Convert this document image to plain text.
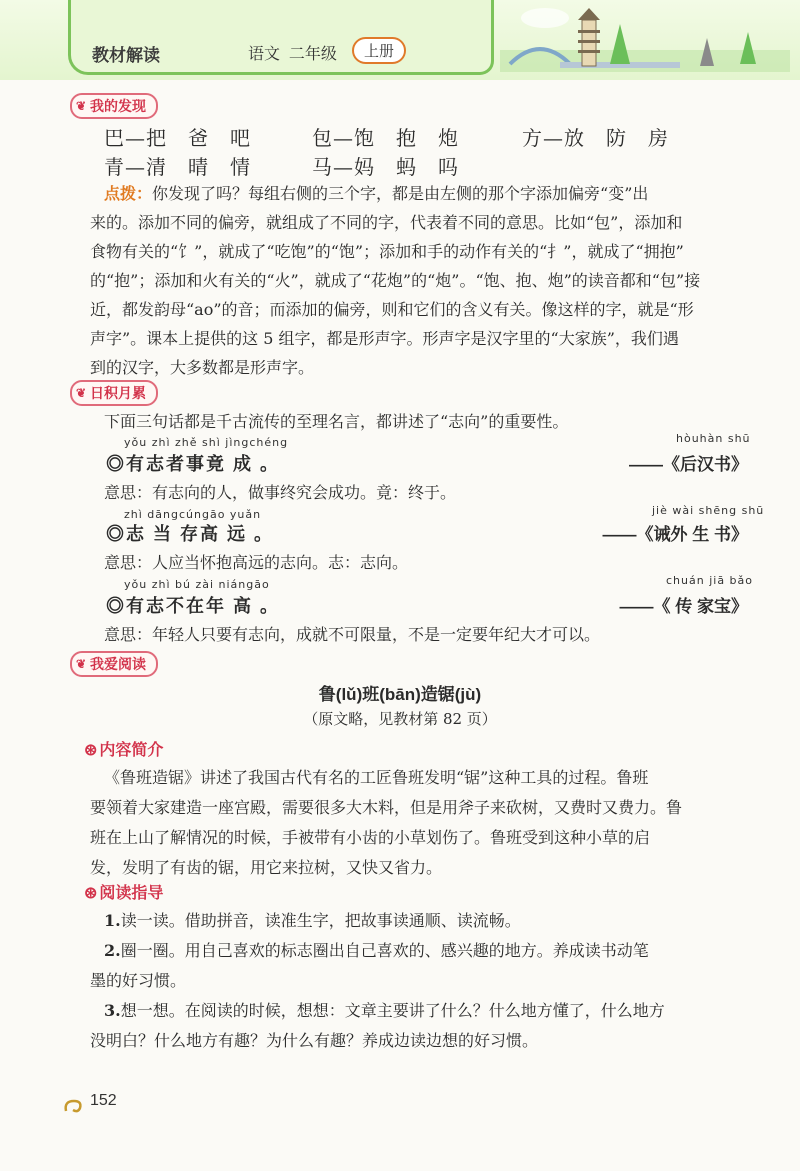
教材解读	语文 二年级	上册
❦ 我的发现
巴—把　爸　吧	包—饱　抱　炮	方—放　防　房
青—清　晴　情	马—妈　蚂　吗
点拨：你发现了吗？每组右侧的三个字，都是由左侧的那个字添加偏旁“变”出
来的。添加不同的偏旁，就组成了不同的字，代表着不同的意思。比如“包”，添加和
食物有关的“饣”，就成了“吃饱”的“饱”；添加和手的动作有关的“扌”，就成了“拥抱”
的“抱”；添加和火有关的“火”，就成了“花炮”的“炮”。“饱、抱、炮”的读音都和“包”接
近，都发韵母“ao”的音；而添加的偏旁，则和它们的含义有关。像这样的字，就是“形
声字”。课本上提供的这 5 组字，都是形声字。形声字是汉字里的“大家族”，我们遇
到的汉字，大多数都是形声字。
❦ 日积月累
下面三句话都是千古流传的至理名言，都讲述了“志向”的重要性。
yǒu zhì zhě shì jìngchéng	hòuhàn shū
◎有志者事竟 成 。	——《后汉书》
意思：有志向的人，做事终究会成功。竟：终于。
zhì dāngcúngāo yuǎn	jiè wài shēng shū
◎志 当 存高 远 。	——《诫外 生 书》
意思：人应当怀抱高远的志向。志：志向。
yǒu zhì bú zài niángāo	chuán jiā bǎo
◎有志不在年 高 。	——《 传 家宝》
意思：年轻人只要有志向，成就不可限量，不是一定要年纪大才可以。
❦ 我爱阅读
鲁(lǔ)班(bān)造锯(jù)
（原文略，见教材第 82 页）
⊛ 内容简介
《鲁班造锯》讲述了我国古代有名的工匠鲁班发明“锯”这种工具的过程。鲁班
要领着大家建造一座宫殿，需要很多大木料，但是用斧子来砍树，又费时又费力。鲁
班在上山了解情况的时候，手被带有小齿的小草划伤了。鲁班受到这种小草的启
发，发明了有齿的锯，用它来拉树，又快又省力。
⊛ 阅读指导
1.读一读。借助拼音，读准生字，把故事读通顺、读流畅。
2.圈一圈。用自己喜欢的标志圈出自己喜欢的、感兴趣的地方。养成读书动笔
墨的好习惯。
3.想一想。在阅读的时候，想想：文章主要讲了什么？什么地方懂了，什么地方
没明白？什么地方有趣？为什么有趣？养成边读边想的好习惯。
152
